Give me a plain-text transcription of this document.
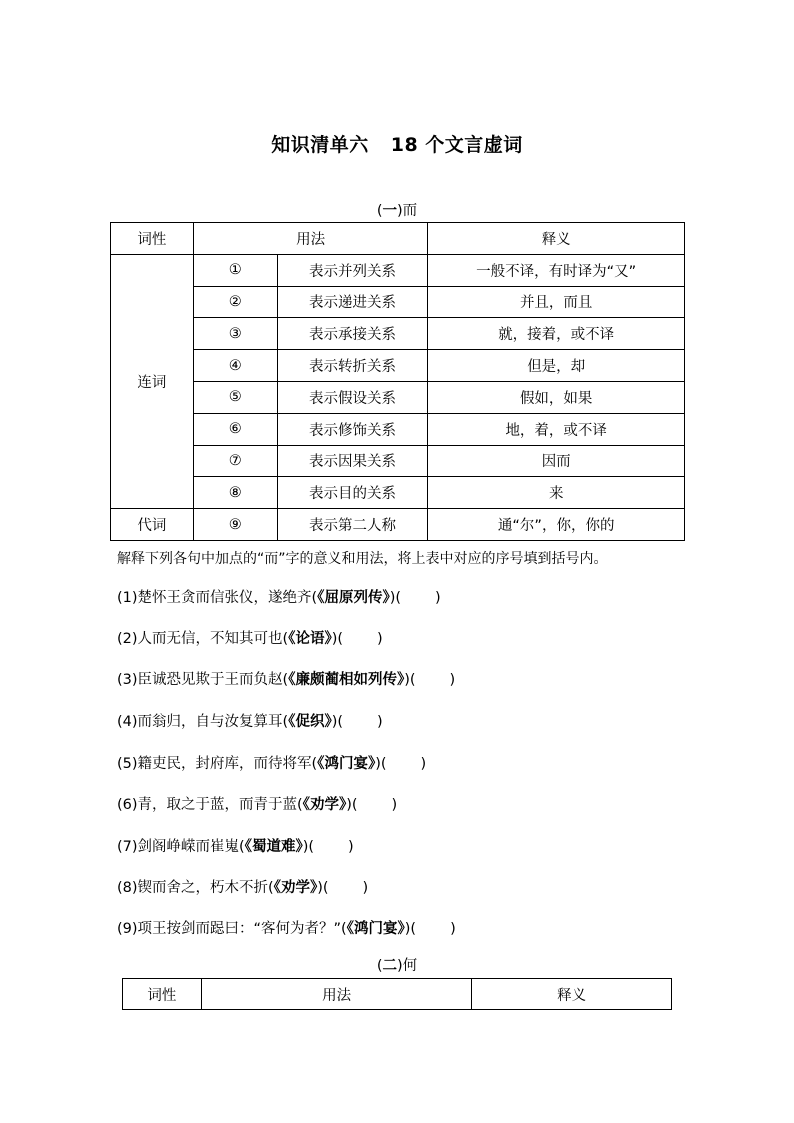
知识清单六 18 个文言虚词
(一)而
词性	用法		释义
连词	①	表示并列关系	一般不译，有时译为“又”
	②	表示递进关系	并且，而且
	③	表示承接关系	就，接着，或不译
	④	表示转折关系	但是，却
	⑤	表示假设关系	假如，如果
	⑥	表示修饰关系	地，着，或不译
	⑦	表示因果关系	因而
	⑧	表示目的关系	来
代词	⑨	表示第二人称	通“尔”，你，你的
解释下列各句中加点的“而”字的意义和用法，将上表中对应的序号填到括号内。
(1)楚怀王贪而信张仪，遂绝齐(《屈原列传》)( )
(2)人而无信，不知其可也(《论语》)( )
(3)臣诚恐见欺于王而负赵(《廉颇蔺相如列传》)( )
(4)而翁归，自与汝复算耳(《促织》)( )
(5)籍吏民，封府库，而待将军(《鸿门宴》)( )
(6)青，取之于蓝，而青于蓝(《劝学》)( )
(7)剑阁峥嵘而崔嵬(《蜀道难》)( )
(8)锲而舍之，朽木不折(《劝学》)( )
(9)项王按剑而跽曰：“客何为者？”(《鸿门宴》)( )
(二)何
词性	用法	释义
